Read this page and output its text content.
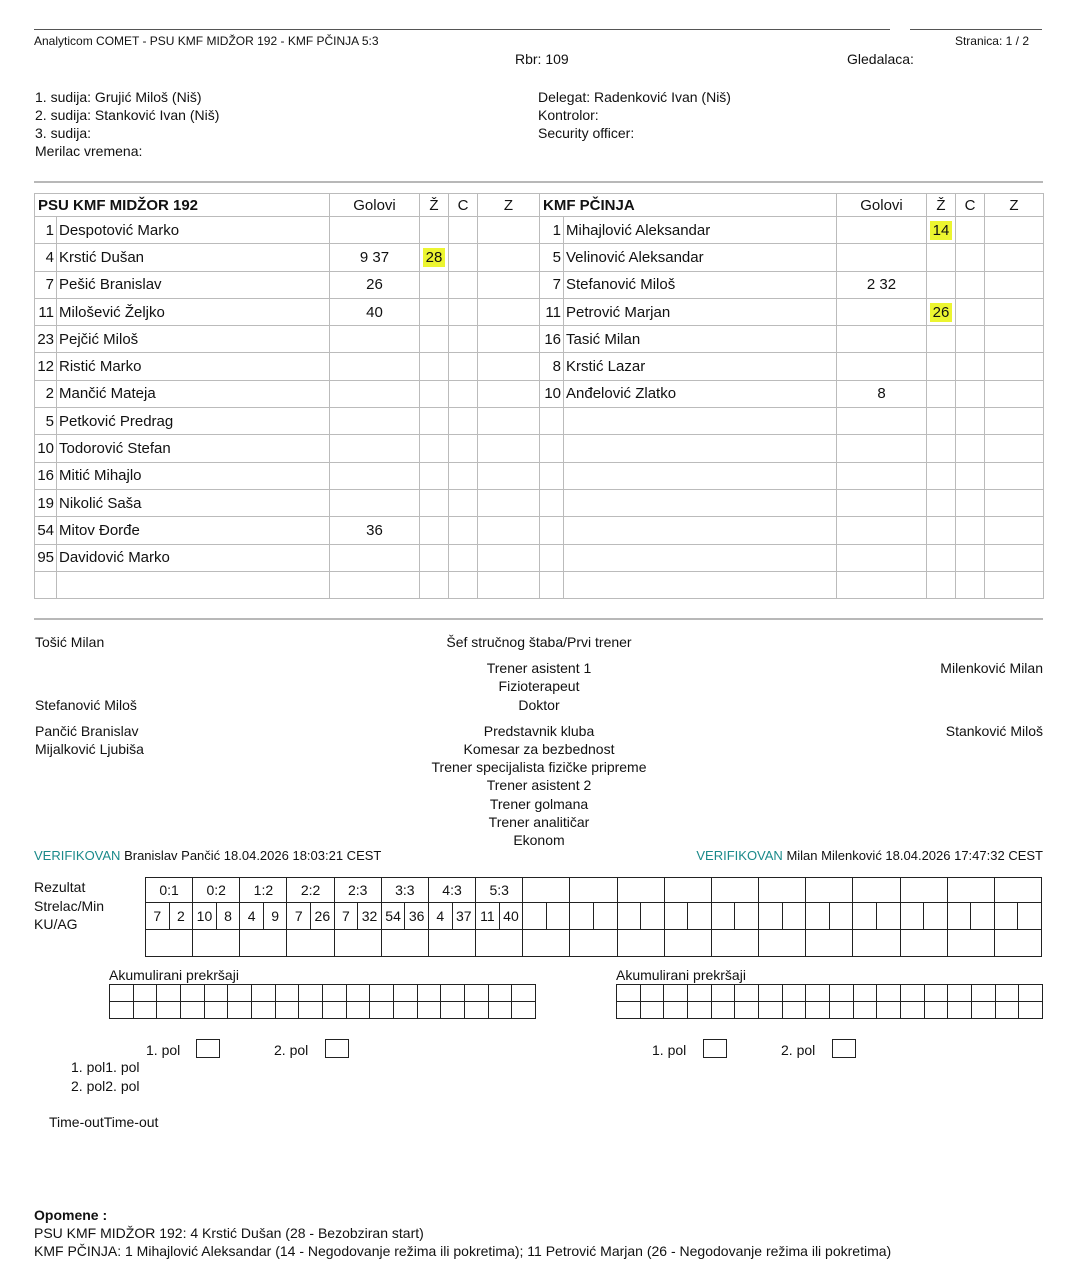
Analyticom COMET - PSU KMF MIDŽOR 192 - KMF PČINJA 5:3	Stranica: 1 / 2
Rbr: 109	Gledalaca:
1. sudija: Grujić Miloš (Niš)
2. sudija: Stanković Ivan (Niš)
3. sudija:
Merilac vremena:
Delegat: Radenković Ivan (Niš)
Kontrolor:
Security officer:
PSU KMF MIDŽOR 192		Golovi	Ž	C	Z
1	Despotović Marko				
4	Krstić Dušan	9 37	28		
7	Pešić Branislav	26			
11	Milošević Željko	40			
23	Pejčić Miloš				
12	Ristić Marko				
2	Mančić Mateja				
5	Petković Predrag				
10	Todorović Stefan				
16	Mitić Mihajlo				
19	Nikolić Saša				
54	Mitov Đorđe	36			
95	Davidović Marko				

KMF PČINJA		Golovi	Ž	C	Z
1	Mihajlović Aleksandar		14		
5	Velinović Aleksandar				
7	Stefanović Miloš	2 32			
11	Petrović Marjan		26		
16	Tasić Milan				
8	Krstić Lazar				
10	Anđelović Zlatko	8			

Tošić Milan	Šef stručnog štaba/Prvi trener
Trener asistent 1	Milenković Milan
Fizioterapeut
Stefanović Miloš	Doktor
Pančić Branislav	Predstavnik kluba	Stanković Miloš
Mijalković Ljubiša	Komesar za bezbednost
Trener specijalista fizičke pripreme
Trener asistent 2
Trener golmana
Trener analitičar
Ekonom
VERIFIKOVAN Branislav Pančić 18.04.2026 18:03:21 CEST	VERIFIKOVAN Milan Milenković 18.04.2026 17:47:32 CEST
Rezultat
Strelac/Min
KU/AG
0:1		0:2		1:2		2:2		2:3		3:3		4:3		5:3																							
7	2	10	8	4	9	7	26	7	32	54	36	4	37	11	40																						

Akumulirani prekršaji	Akumulirani prekršaji

1. pol	2. pol	1. pol	2. pol
1. pol1. pol
2. pol2. pol
Time-outTime-out
Opomene :
PSU KMF MIDŽOR 192: 4 Krstić Dušan (28 - Bezobziran start)
KMF PČINJA: 1 Mihajlović Aleksandar (14 - Negodovanje režima ili pokretima); 11 Petrović Marjan (26 - Negodovanje režima ili pokretima)
